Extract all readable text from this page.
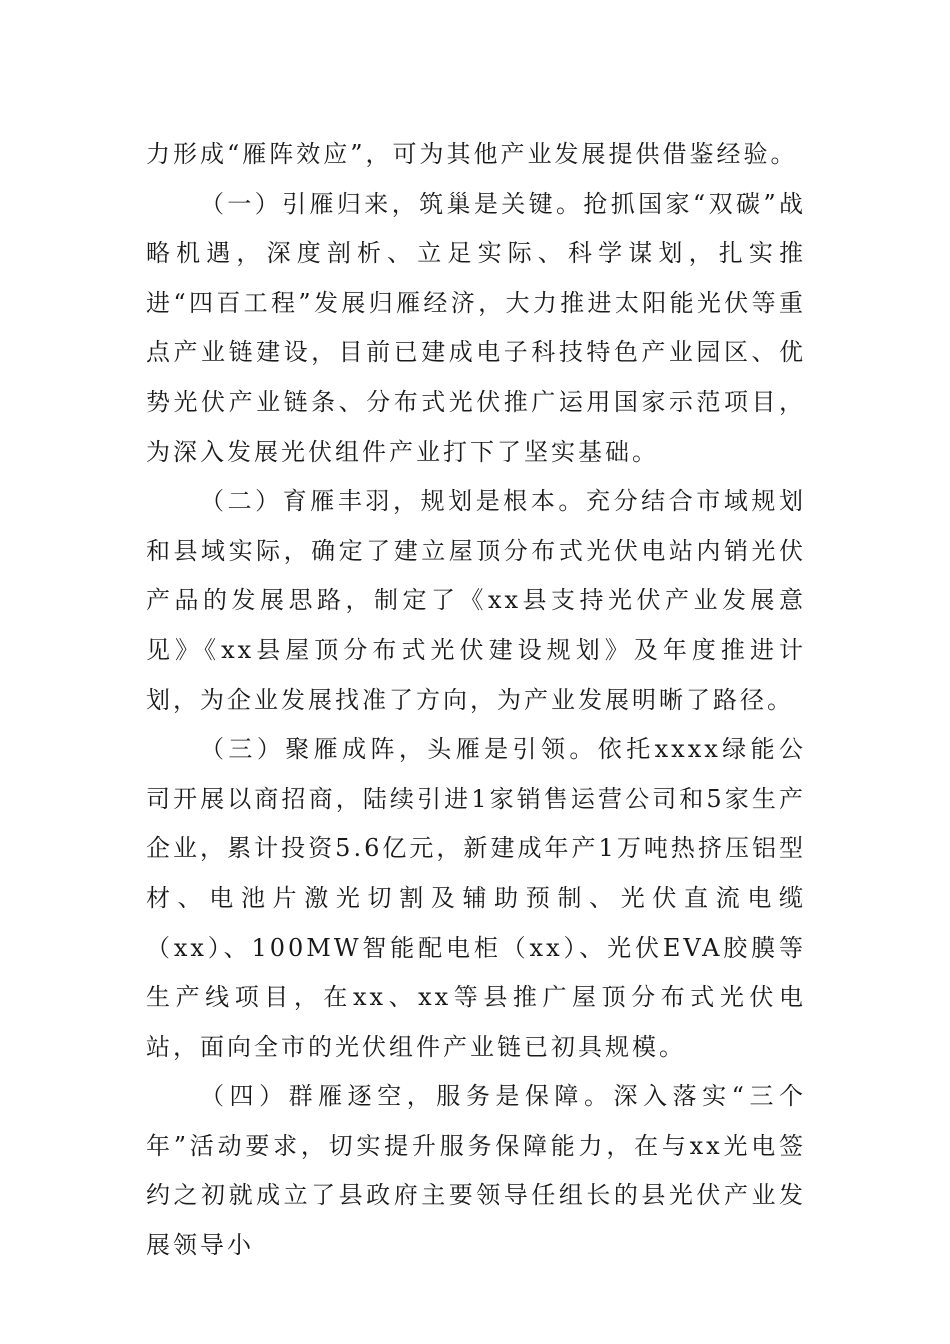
力形成“雁阵效应”，可为其他产业发展提供借鉴经验。

（一）引雁归来，筑巢是关键。抢抓国家“双碳”战略机遇，深度剖析、立足实际、科学谋划，扎实推进“四百工程”发展归雁经济，大力推进太阳能光伏等重点产业链建设，目前已建成电子科技特色产业园区、优势光伏产业链条、分布式光伏推广运用国家示范项目，为深入发展光伏组件产业打下了坚实基础。

（二）育雁丰羽，规划是根本。充分结合市域规划和县域实际，确定了建立屋顶分布式光伏电站内销光伏产品的发展思路，制定了《xx县支持光伏产业发展意见》《xx县屋顶分布式光伏建设规划》及年度推进计划，为企业发展找准了方向，为产业发展明晰了路径。

（三）聚雁成阵，头雁是引领。依托xxxx绿能公司开展以商招商，陆续引进1家销售运营公司和5家生产企业，累计投资5.6亿元，新建成年产1万吨热挤压铝型材、电池片激光切割及辅助预制、光伏直流电缆（xx）、100MW智能配电柜（xx）、光伏EVA胶膜等生产线项目，在xx、xx等县推广屋顶分布式光伏电站，面向全市的光伏组件产业链已初具规模。

（四）群雁逐空，服务是保障。深入落实“三个年”活动要求，切实提升服务保障能力，在与xx光电签约之初就成立了县政府主要领导任组长的县光伏产业发展领导小
